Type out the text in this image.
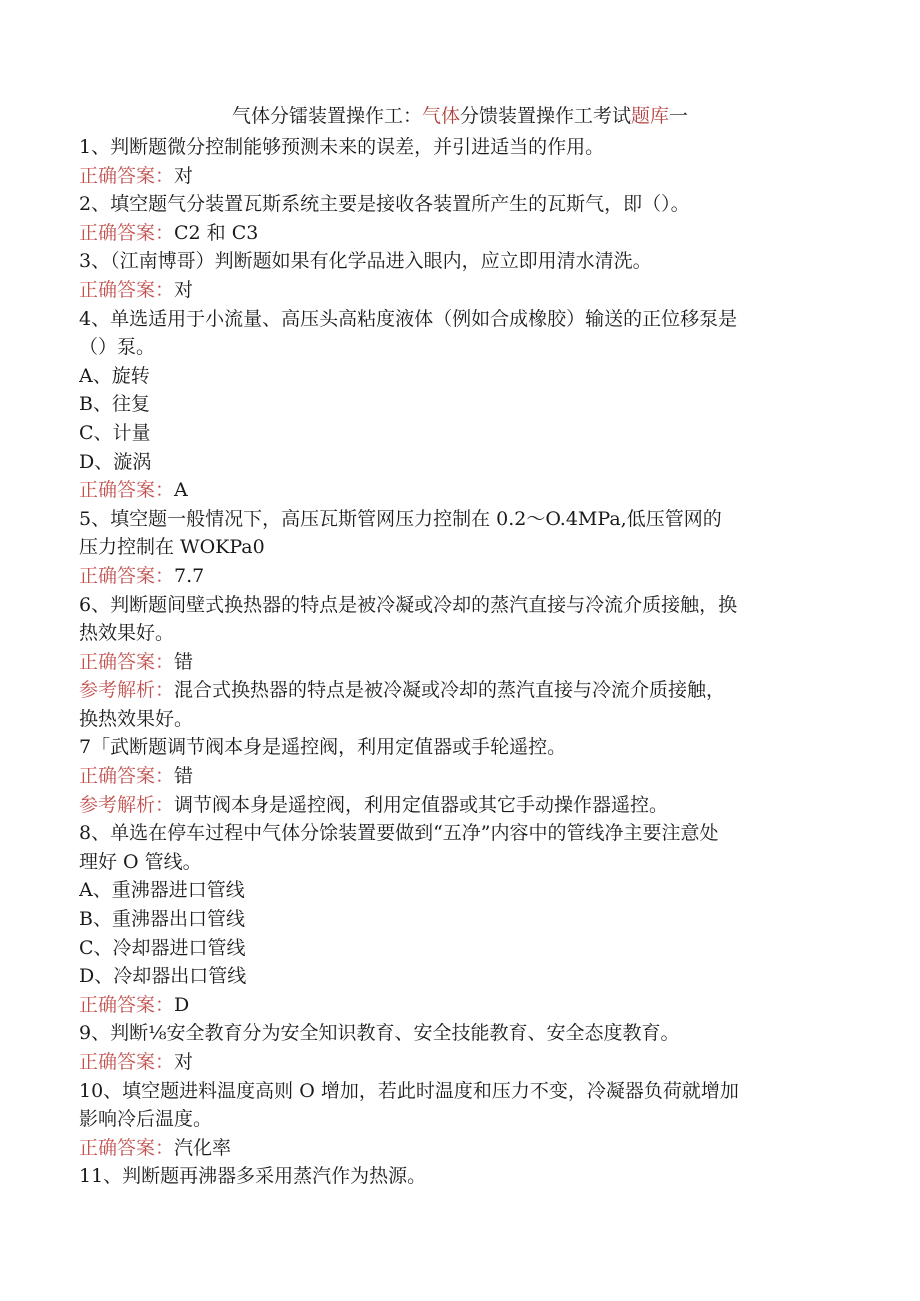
气体分镭装置操作工：气体分馈装置操作工考试题库一
1、判断题微分控制能够预测未来的误差，并引进适当的作用。
正确答案：对
2、填空题气分装置瓦斯系统主要是接收各装置所产生的瓦斯气，即（）。
正确答案：C2 和 C3
3、（江南博哥）判断题如果有化学品进入眼内，应立即用清水清洗。
正确答案：对
4、单选适用于小流量、高压头高粘度液体（例如合成橡胶）输送的正位移泵是
（）泵。
A、旋转
B、往复
C、计量
D、漩涡
正确答案：A
5、填空题一般情况下，高压瓦斯管网压力控制在 0.2〜O.4MPa,低压管网的
压力控制在 WOKPa0
正确答案：7.7
6、判断题间壁式换热器的特点是被冷凝或冷却的蒸汽直接与冷流介质接触，换
热效果好。
正确答案：错
参考解析：混合式换热器的特点是被冷凝或冷却的蒸汽直接与冷流介质接触，
换热效果好。
7「武断题调节阀本身是遥控阀，利用定值器或手轮遥控。
正确答案：错
参考解析：调节阀本身是遥控阀，利用定值器或其它手动操作器遥控。
8、单选在停车过程中气体分馀装置要做到“五净”内容中的管线净主要注意处
理好 O 管线。
A、重沸器进口管线
B、重沸器出口管线
C、冷却器进口管线
D、冷却器出口管线
正确答案：D
9、判断⅛安全教育分为安全知识教育、安全技能教育、安全态度教育。
正确答案：对
10、填空题进料温度高则 O 增加，若此时温度和压力不变，冷凝器负荷就增加
影响冷后温度。
正确答案：汽化率
11、判断题再沸器多采用蒸汽作为热源。
